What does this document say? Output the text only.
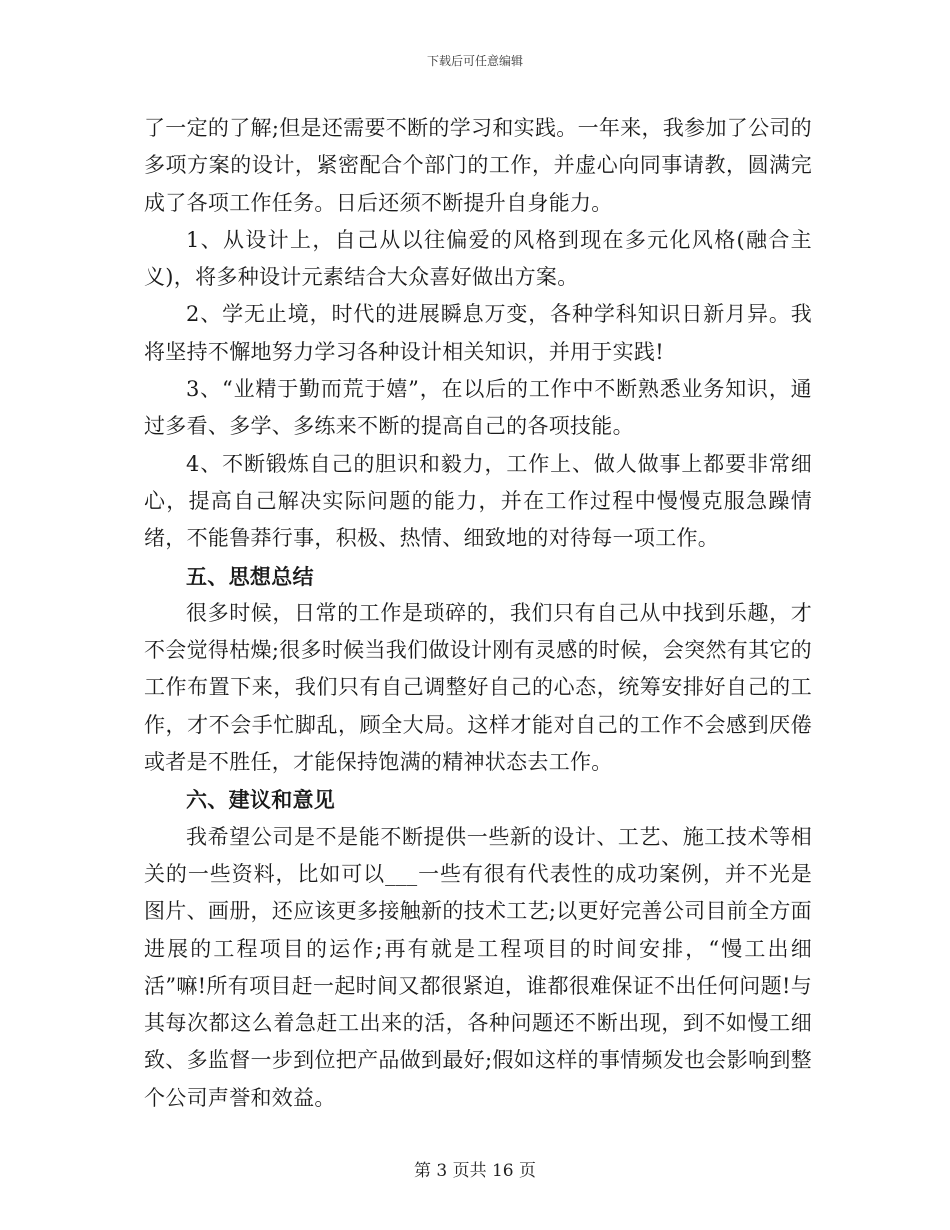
下载后可任意编辑

了一定的了解;但是还需要不断的学习和实践。一年来，我参加了公司的多项方案的设计，紧密配合个部门的工作，并虚心向同事请教，圆满完成了各项工作任务。日后还须不断提升自身能力。

1、从设计上，自己从以往偏爱的风格到现在多元化风格(融合主义)，将多种设计元素结合大众喜好做出方案。

2、学无止境，时代的进展瞬息万变，各种学科知识日新月异。我将坚持不懈地努力学习各种设计相关知识，并用于实践!

3、“业精于勤而荒于嬉”，在以后的工作中不断熟悉业务知识，通过多看、多学、多练来不断的提高自己的各项技能。

4、不断锻炼自己的胆识和毅力，工作上、做人做事上都要非常细心，提高自己解决实际问题的能力，并在工作过程中慢慢克服急躁情绪，不能鲁莽行事，积极、热情、细致地的对待每一项工作。

五、思想总结

很多时候，日常的工作是琐碎的，我们只有自己从中找到乐趣，才不会觉得枯燥;很多时候当我们做设计刚有灵感的时候，会突然有其它的工作布置下来，我们只有自己调整好自己的心态，统筹安排好自己的工作，才不会手忙脚乱，顾全大局。这样才能对自己的工作不会感到厌倦或者是不胜任，才能保持饱满的精神状态去工作。

六、建议和意见

我希望公司是不是能不断提供一些新的设计、工艺、施工技术等相关的一些资料，比如可以___一些有很有代表性的成功案例，并不光是图片、画册，还应该更多接触新的技术工艺;以更好完善公司目前全方面进展的工程项目的运作;再有就是工程项目的时间安排，“慢工出细活”嘛!所有项目赶一起时间又都很紧迫，谁都很难保证不出任何问题!与其每次都这么着急赶工出来的活，各种问题还不断出现，到不如慢工细致、多监督一步到位把产品做到最好;假如这样的事情频发也会影响到整个公司声誉和效益。

第 3 页共 16 页
